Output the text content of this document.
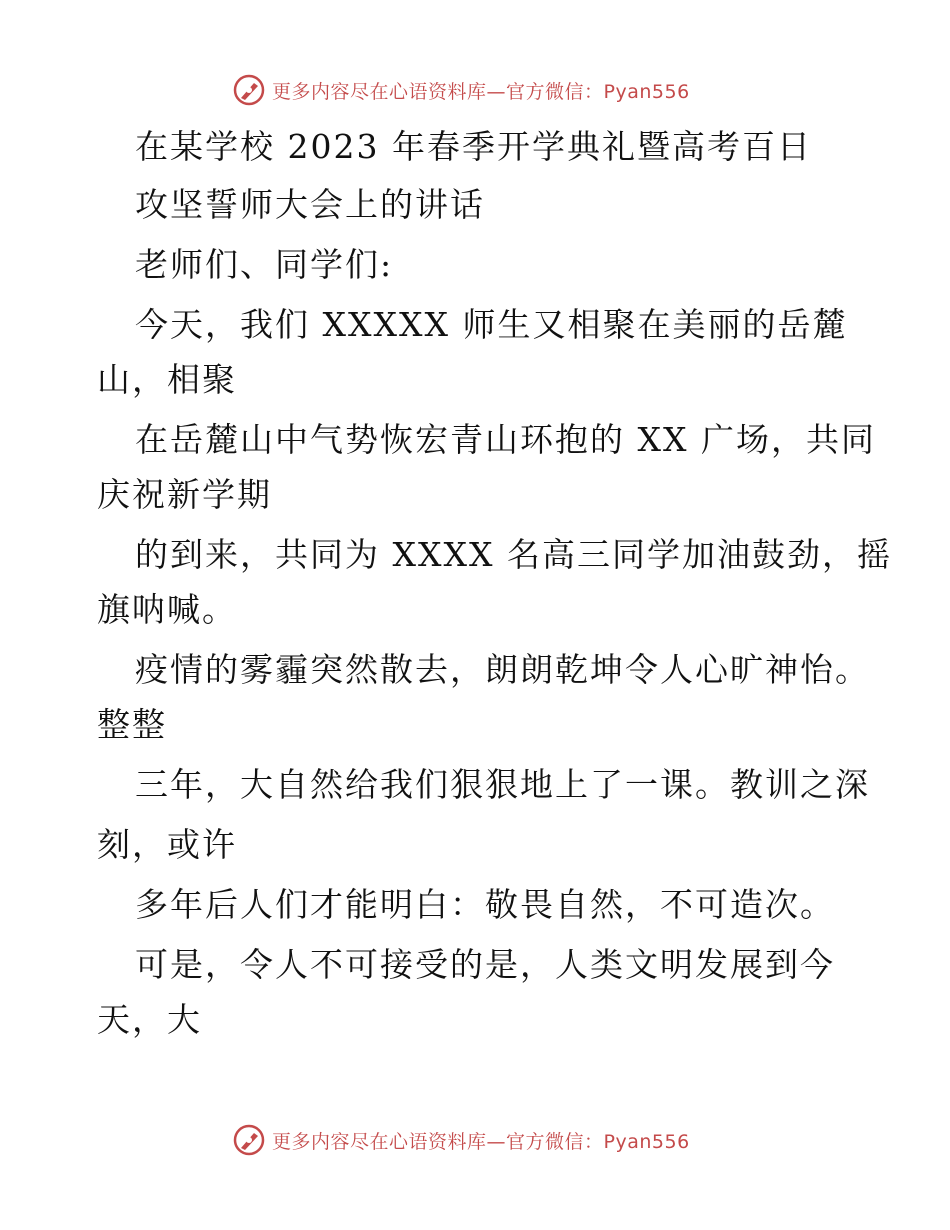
更多内容尽在心语资料库—官方微信：Pyan556
在某学校 2023 年春季开学典礼暨高考百日
攻坚誓师大会上的讲话
老师们、同学们:
今天，我们 XXXXX 师生又相聚在美丽的岳麓
山，相聚
在岳麓山中气势恢宏青山环抱的 XX 广场，共同
庆祝新学期
的到来，共同为 XXXX 名高三同学加油鼓劲，摇
旗呐喊。
疫情的雾霾突然散去，朗朗乾坤令人心旷神怡。
整整
三年，大自然给我们狠狠地上了一课。教训之深
刻，或许
多年后人们才能明白：敬畏自然，不可造次。
可是，令人不可接受的是，人类文明发展到今
天，大
更多内容尽在心语资料库—官方微信：Pyan556
